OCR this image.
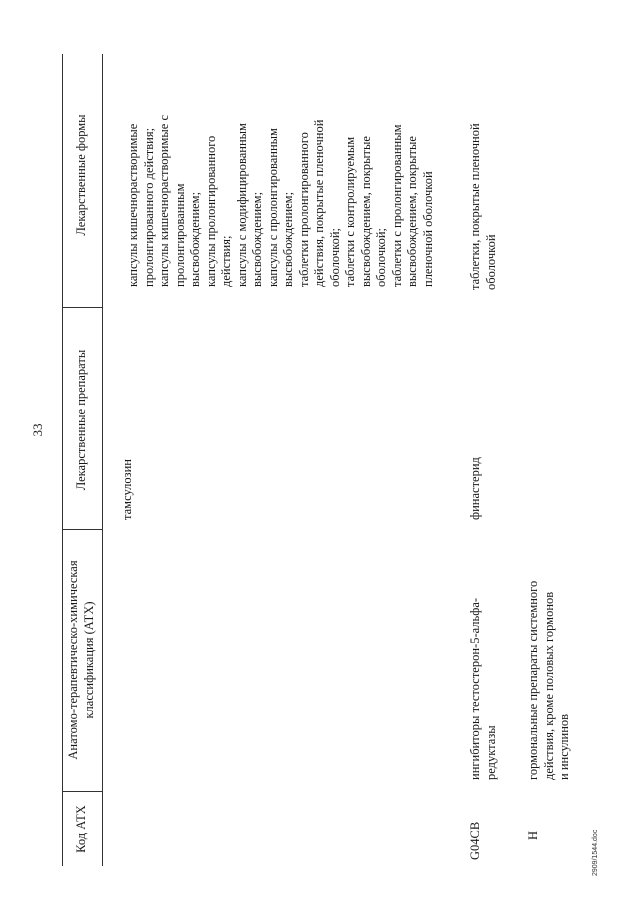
33
Код АТХ
Анатомо-терапевтическо-химическая классификация (АТХ)
Лекарственные препараты
Лекарственные формы
тамсулозин
капсулы кишечнорастворимые пролонгированного действия; капсулы кишечнорастворимые с пролонгированным высвобождением; капсулы пролонгированного действия; капсулы с модифицированным высвобождением; капсулы с пролонгированным высвобождением; таблетки пролонгированного действия, покрытые пленочной оболочкой; таблетки с контролируемым высвобождением, покрытые оболочкой; таблетки с пролонгированным высвобождением, покрытые пленочной оболочкой
G04CB
ингибиторы тестостерон-5-альфа- редуктазы
финастерид
таблетки, покрытые пленочной оболочкой
H
гормональные препараты системного действия, кроме половых гормонов и инсулинов
2909/1544.doc
